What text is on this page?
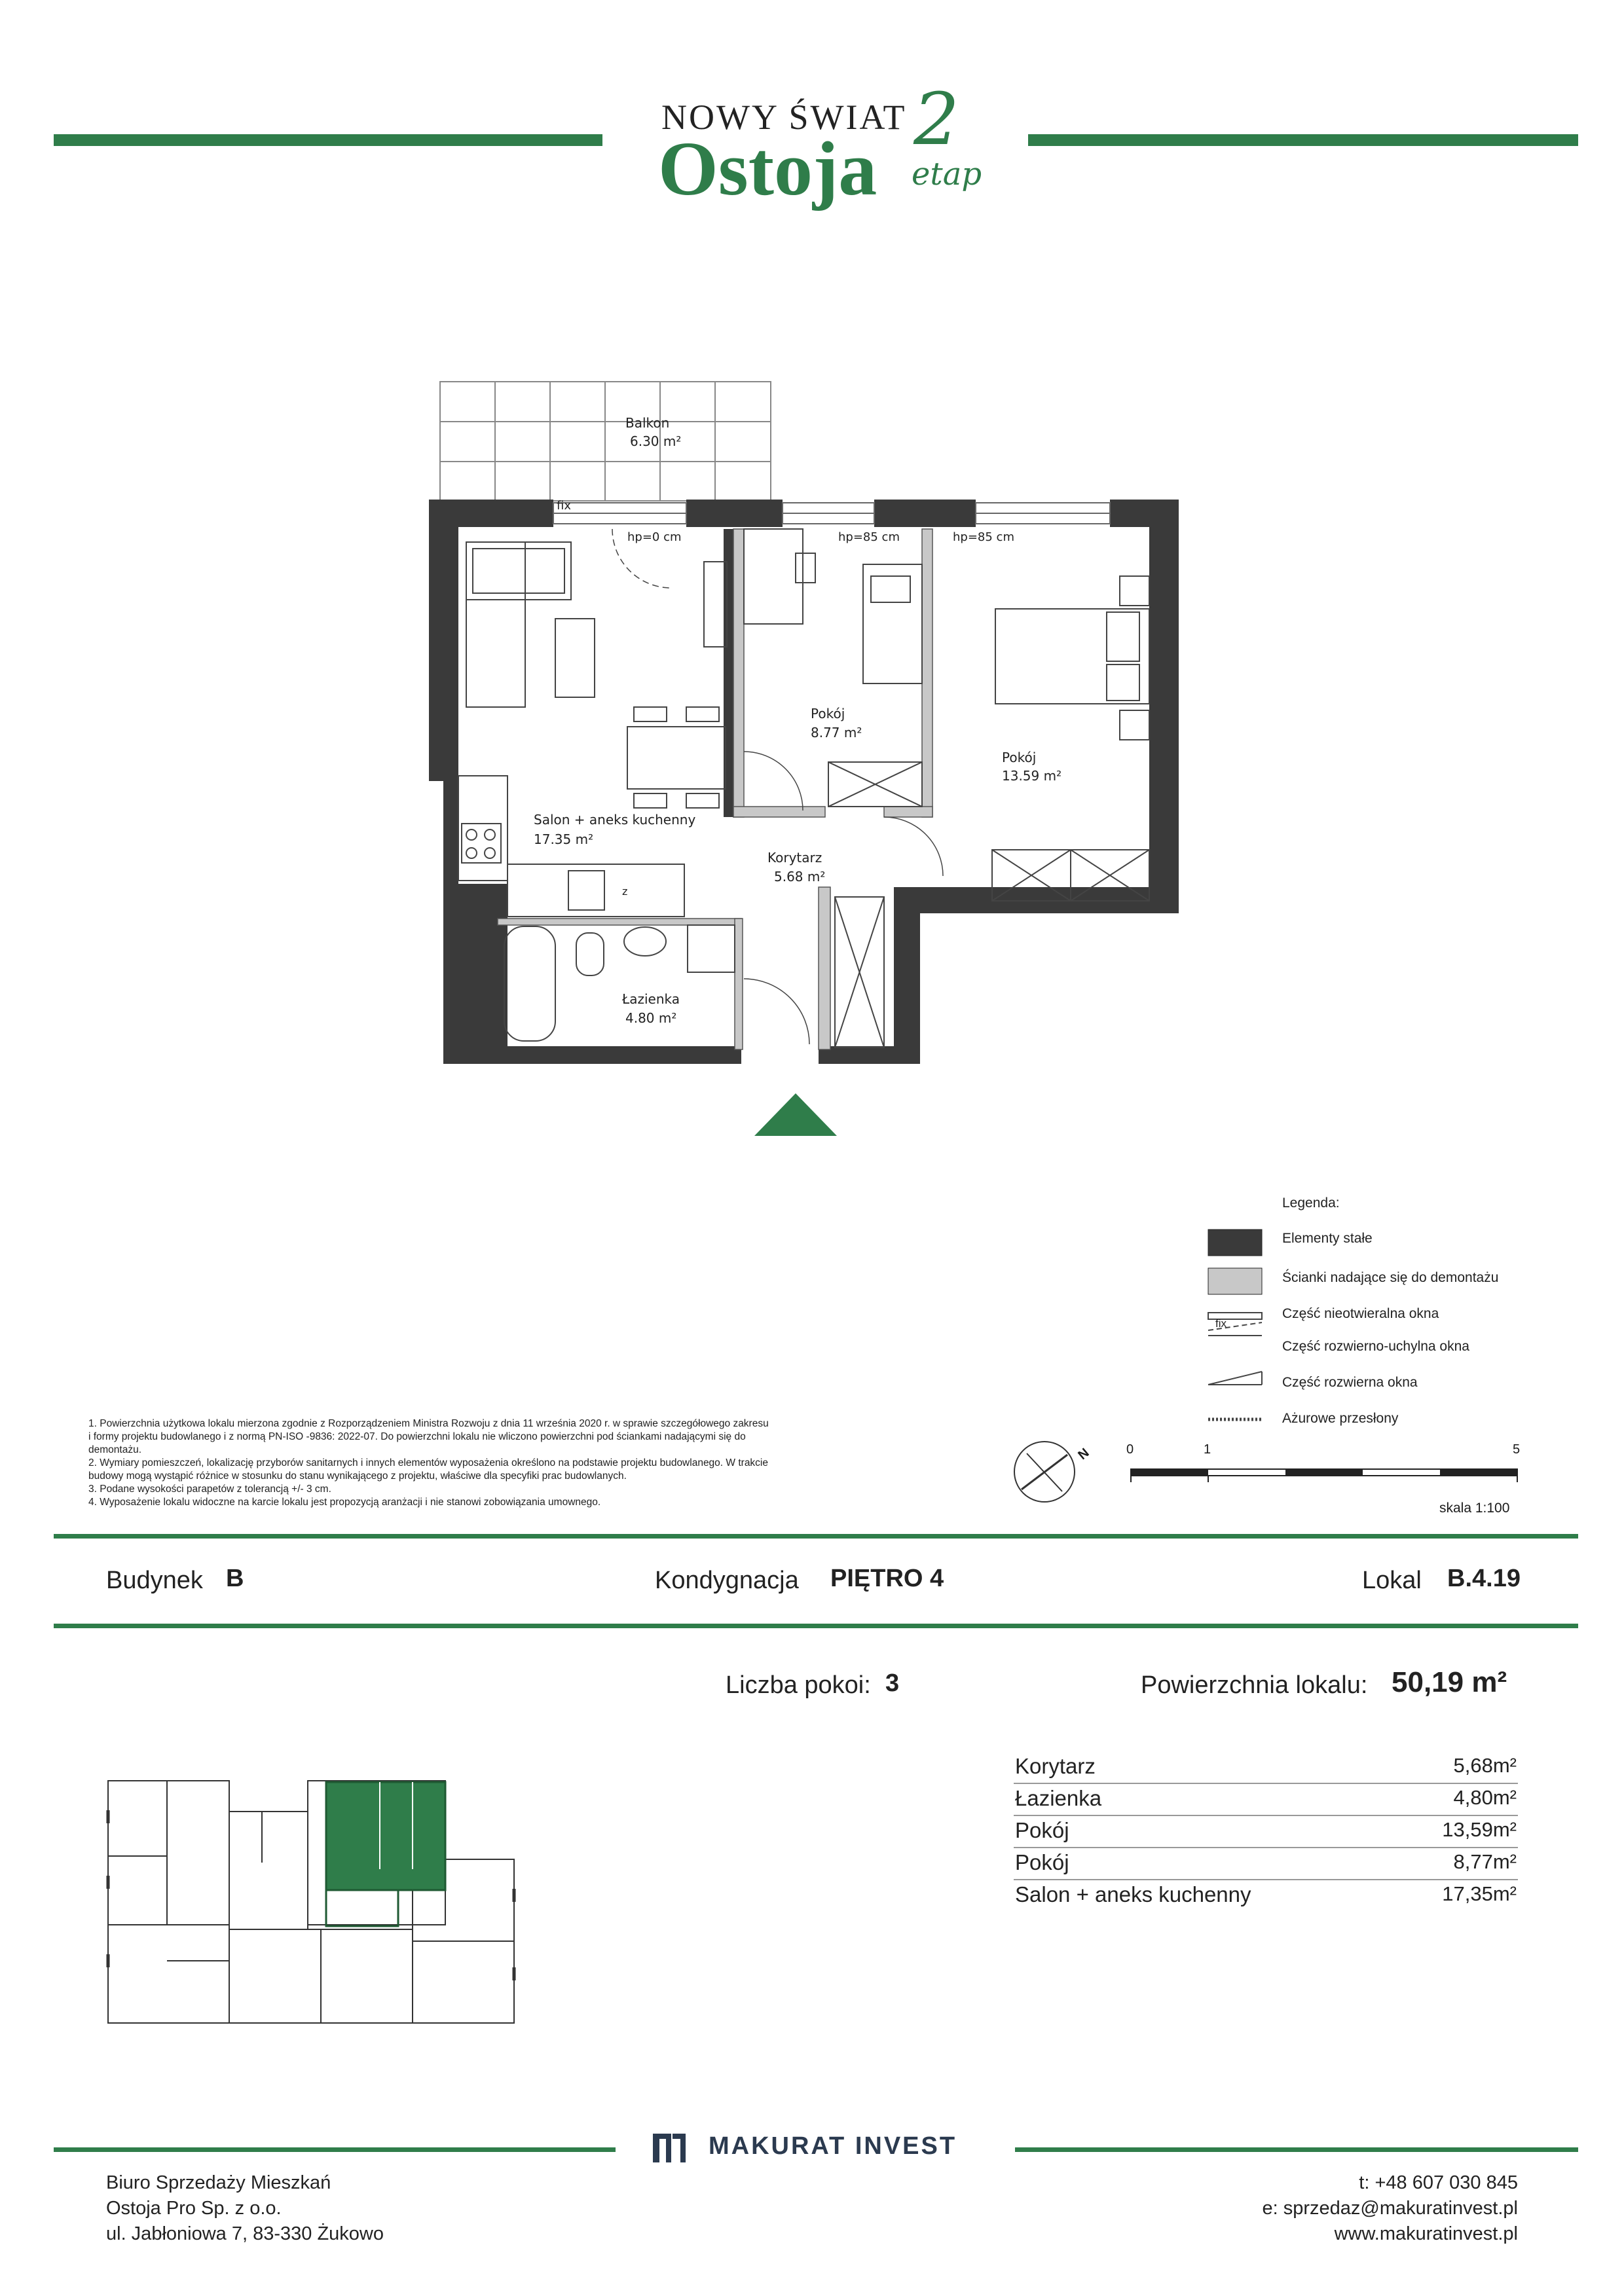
NOWY ŚWIAT
Ostoja
2
etap
Balkon
6.30 m²
Pokój
8.77 m²
Pokój
13.59 m²
Salon + aneks kuchenny
17.35 m²
Korytarz
5.68 m²
Łazienka
4.80 m²
hp=0 cm	hp=85 cm	hp=85 cm
fix
z
Legenda:
fix
Elementy stałe
Ścianki nadające się do demontażu
Część nieotwieralna okna
Część rozwierno-uchylna okna
Część rozwierna okna
Ażurowe przesłony
1. Powierzchnia użytkowa lokalu mierzona zgodnie z Rozporządzeniem Ministra Rozwoju z dnia 11 września 2020 r. w sprawie szczegółowego zakresu
i formy projektu budowlanego i z normą PN-ISO -9836: 2022-07. Do powierzchni lokalu nie wliczono powierzchni pod ściankami nadającymi się do
demontażu.
2. Wymiary pomieszczeń, lokalizację przyborów sanitarnych i innych elementów wyposażenia określono na podstawie projektu budowlanego. W trakcie
budowy mogą wystąpić różnice w stosunku do stanu wynikającego z projektu, właściwe dla specyfiki prac budowlanych.
3. Podane wysokości parapetów z tolerancją +/- 3 cm.
4. Wyposażenie lokalu widoczne na karcie lokalu jest propozycją aranżacji i nie stanowi zobowiązania umownego.
N	0	1	5
skala 1:100
Budynek B	Kondygnacja PIĘTRO 4	Lokal B.4.19
Liczba pokoi: 3	Powierzchnia lokalu: 50,19 m²
Korytarz	5,68m²
Łazienka	4,80m²
Pokój	13,59m²
Pokój	8,77m²
Salon + aneks kuchenny	17,35m²
MAKURAT INVEST
Biuro Sprzedaży Mieszkań
Ostoja Pro Sp. z o.o.
ul. Jabłoniowa 7, 83-330 Żukowo
t: +48 607 030 845
e: sprzedaz@makuratinvest.pl
www.makuratinvest.pl
